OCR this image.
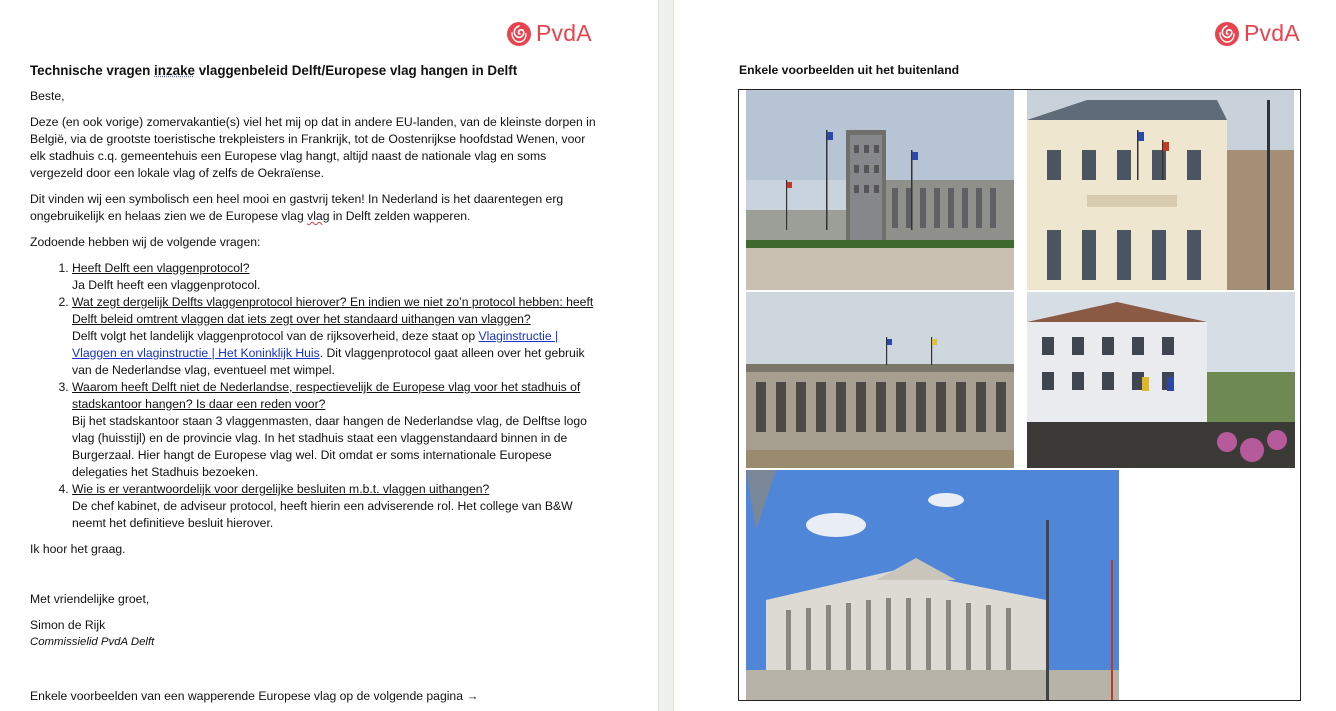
PvdA
Technische vragen inzake vlaggenbeleid Delft/Europese vlag hangen in Delft

Beste,

Deze (en ook vorige) zomervakantie(s) viel het mij op dat in andere EU-landen, van de kleinste dorpen in België, via de grootste toeristische trekpleisters in Frankrijk, tot de Oostenrijkse hoofdstad Wenen, voor elk stadhuis c.q. gemeentehuis een Europese vlag hangt, altijd naast de nationale vlag en soms vergezeld door een lokale vlag of zelfs de Oekraïense.

Dit vinden wij een symbolisch een heel mooi en gastvrij teken! In Nederland is het daarentegen erg ongebruikelijk en helaas zien we de Europese vlag vlag in Delft zelden wapperen.

Zodoende hebben wij de volgende vragen:

1. Heeft Delft een vlaggenprotocol?
Ja Delft heeft een vlaggenprotocol.
2. Wat zegt dergelijk Delfts vlaggenprotocol hierover? En indien we niet zo’n protocol hebben: heeft Delft beleid omtrent vlaggen dat iets zegt over het standaard uithangen van vlaggen?
Delft volgt het landelijk vlaggenprotocol van de rijksoverheid, deze staat op Vlaginstructie | Vlaggen en vlaginstructie | Het Koninklijk Huis. Dit vlaggenprotocol gaat alleen over het gebruik van de Nederlandse vlag, eventueel met wimpel.
3. Waarom heeft Delft niet de Nederlandse, respectievelijk de Europese vlag voor het stadhuis of stadskantoor hangen? Is daar een reden voor?
Bij het stadskantoor staan 3 vlaggenmasten, daar hangen de Nederlandse vlag, de Delftse logo vlag (huisstijl) en de provincie vlag. In het stadhuis staat een vlaggenstandaard binnen in de Burgerzaal. Hier hangt de Europese vlag wel. Dit omdat er soms internationale Europese delegaties het Stadhuis bezoeken.
4. Wie is er verantwoordelijk voor dergelijke besluiten m.b.t. vlaggen uithangen?
De chef kabinet, de adviseur protocol, heeft hierin een adviserende rol. Het college van B&W neemt het definitieve besluit hierover.

Ik hoor het graag.

Met vriendelijke groet,

Simon de Rijk

Commissielid PvdA Delft

Enkele voorbeelden van een wapperende Europese vlag op de volgende pagina →
PvdA
Enkele voorbeelden uit het buitenland
